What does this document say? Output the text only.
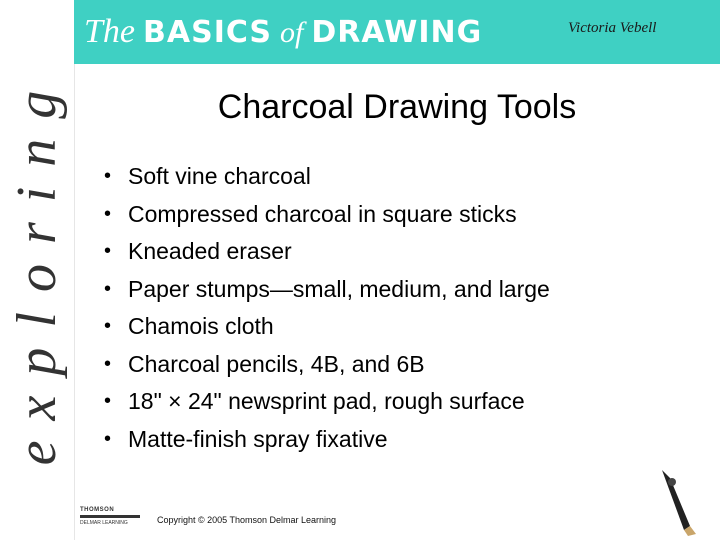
exploring
The BASICS of DRAWING	Victoria Vebell
Charcoal Drawing Tools
• Soft vine charcoal
• Compressed charcoal in square sticks
• Kneaded eraser
• Paper stumps—small, medium, and large
• Chamois cloth
• Charcoal pencils, 4B, and 6B
• 18" × 24" newsprint pad, rough surface
• Matte-finish spray fixative
THOMSON
DELMAR LEARNING	Copyright © 2005 Thomson Delmar Learning
